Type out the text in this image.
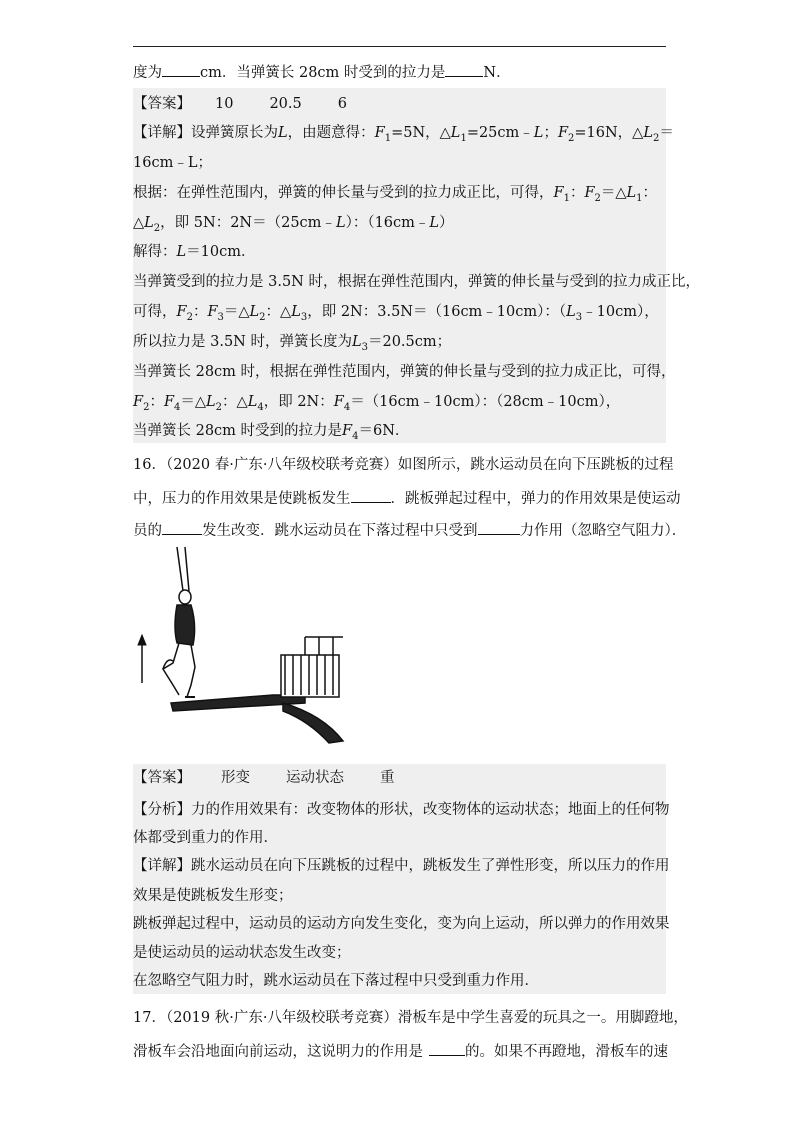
度为	cm．当弹簧长 28cm 时受到的拉力是	N．
【答案】 10 20.5 6
【详解】设弹簧原长为L，由题意得：$F_1=5N$，$\triangle L_1=25cm﹣L$；$F_2=16N$，$\triangle L_2=$
16cm﹣L；
根据：在弹性范围内，弹簧的伸长量与受到的拉力成正比，可得，$F_1$：$F_2=\triangle L_1$：
$\triangle L_2$，即 5N：2N＝（25cm﹣L）：（16cm﹣L）
解得：L＝10cm．
当弹簧受到的拉力是 3.5N 时，根据在弹性范围内，弹簧的伸长量与受到的拉力成正比，
可得，$F_2$：$F_3=\triangle L_2$：$\triangle L_3$，即 2N：3.5N＝（16cm﹣10cm）：$(L_3﹣10cm)$，
所以拉力是 3.5N 时，弹簧长度为$L_3=20.5cm$；
当弹簧长 28cm 时，根据在弹性范围内，弹簧的伸长量与受到的拉力成正比，可得，
$F_2$：$F_4=\triangle L_2$：$\triangle L_4$，即 2N：$F_4=(16cm﹣10cm)$：（28cm﹣10cm），
当弹簧长 28cm 时受到的拉力是$F_4=6N$．
16．（2020 春·广东·八年级校联考竞赛）如图所示，跳水运动员在向下压跳板的过程
中，压力的作用效果是使跳板发生	．跳板弹起过程中，弹力的作用效果是使运动
员的	发生改变．跳水运动员在下落过程中只受到	力作用（忽略空气阻力）．
【答案】 形变 运动状态 重
【分析】力的作用效果有：改变物体的形状，改变物体的运动状态；地面上的任何物
体都受到重力的作用．
【详解】跳水运动员在向下压跳板的过程中，跳板发生了弹性形变，所以压力的作用
效果是使跳板发生形变；
跳板弹起过程中，运动员的运动方向发生变化，变为向上运动，所以弹力的作用效果
是使运动员的运动状态发生改变；
在忽略空气阻力时，跳水运动员在下落过程中只受到重力作用．
17．（2019 秋·广东·八年级校联考竞赛）滑板车是中学生喜爱的玩具之一。用脚蹬地，
滑板车会沿地面向前运动，这说明力的作用是	的。如果不再蹬地，滑板车的速
